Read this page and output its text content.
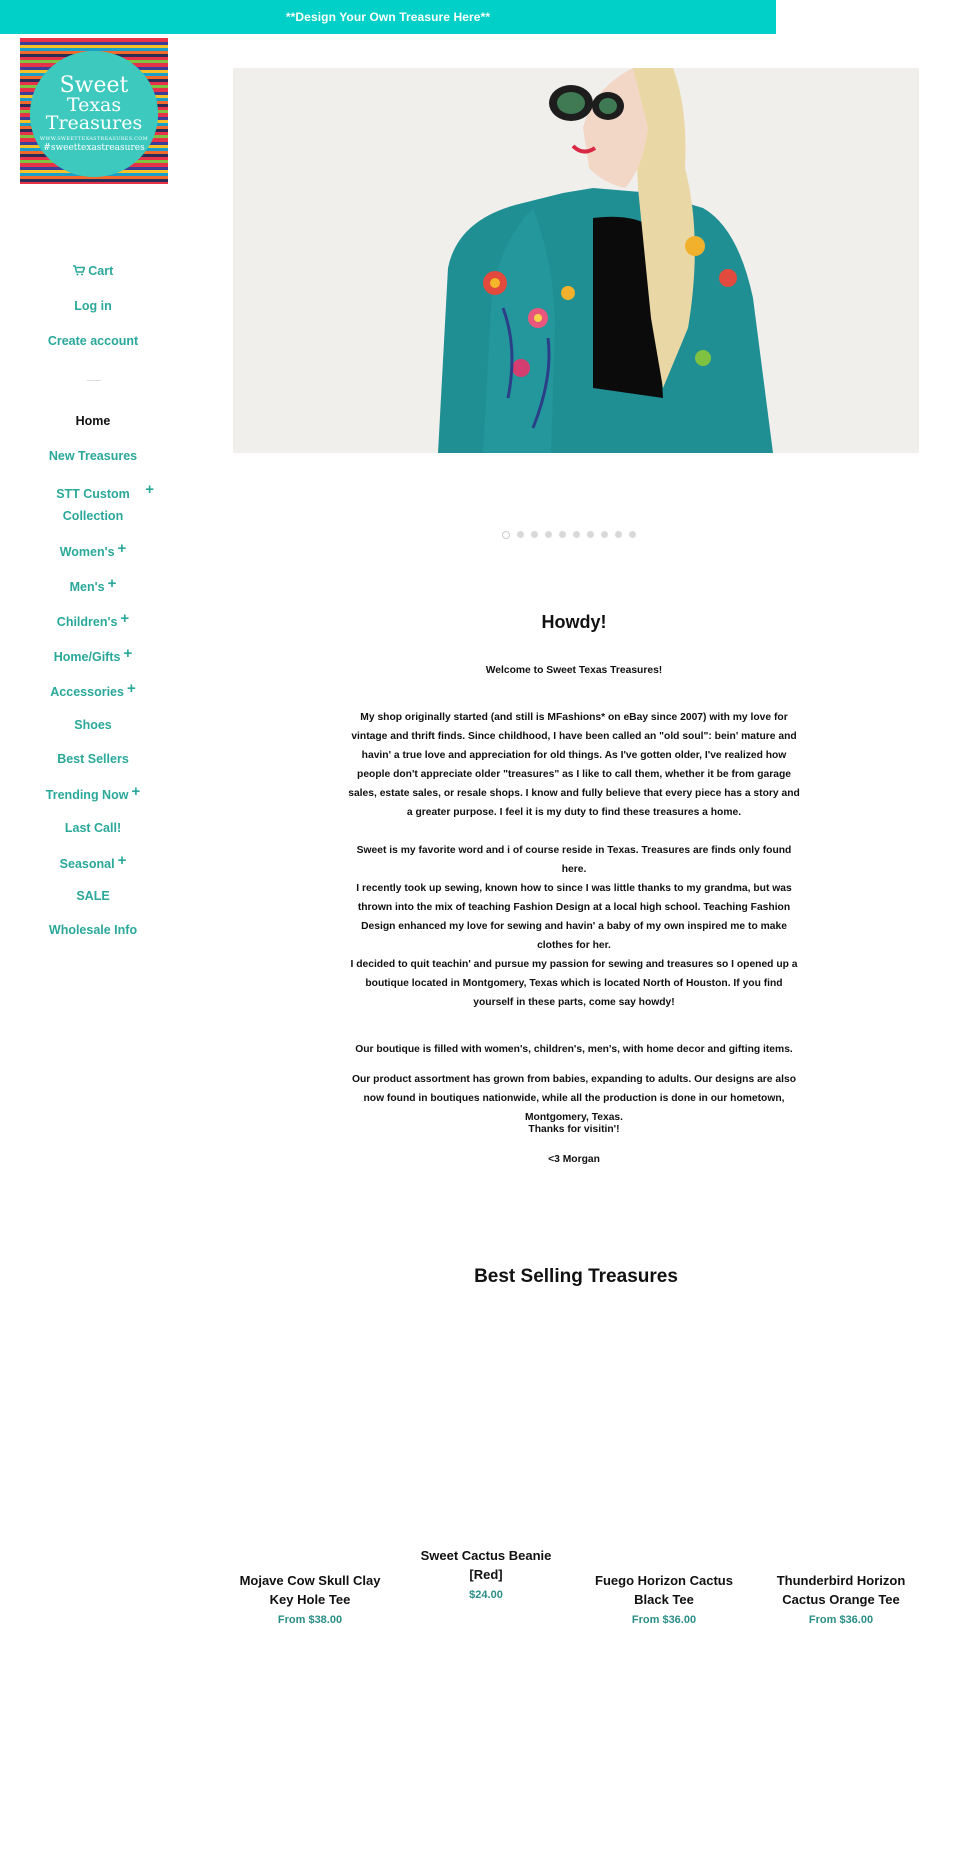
**Design Your Own Treasure Here**
Sweet
Texas
Treasures
WWW.SWEETTEXASTREASURES.COM
#sweettexastreasures
Cart
Log in
Create account
Home
New Treasures
STT Custom Collection
+
Women's +
Men's +
Children's +
Home/Gifts +
Accessories +
Shoes
Best Sellers
Trending Now +
Last Call!
Seasonal +
SALE
Wholesale Info
Howdy!
Welcome to Sweet Texas Treasures!
My shop originally started (and still is MFashions* on eBay since 2007) with my love for vintage and thrift finds. Since childhood, I have been called an "old soul": bein' mature and havin' a true love and appreciation for old things. As I've gotten older, I've realized how people don't appreciate older "treasures" as I like to call them, whether it be from garage sales, estate sales, or resale shops. I know and fully believe that every piece has a story and a greater purpose. I feel it is my duty to find these treasures a home.
Sweet is my favorite word and i of course reside in Texas. Treasures are finds only found here.
I recently took up sewing, known how to since I was little thanks to my grandma, but was thrown into the mix of teaching Fashion Design at a local high school. Teaching Fashion Design enhanced my love for sewing and havin' a baby of my own inspired me to make clothes for her.
I decided to quit teachin' and pursue my passion for sewing and treasures so I opened up a boutique located in Montgomery, Texas which is located North of Houston. If you find yourself in these parts, come say howdy!
Our boutique is filled with women's, children's, men's, with home decor and gifting items.
Our product assortment has grown from babies, expanding to adults. Our designs are also now found in boutiques nationwide, while all the production is done in our hometown, Montgomery, Texas.
Thanks for visitin'!
<3 Morgan
Best Selling Treasures
Mojave Cow Skull Clay Key Hole Tee
From $38.00
Sweet Cactus Beanie [Red]
$24.00
Fuego Horizon Cactus Black Tee
From $36.00
Thunderbird Horizon Cactus Orange Tee
From $36.00
